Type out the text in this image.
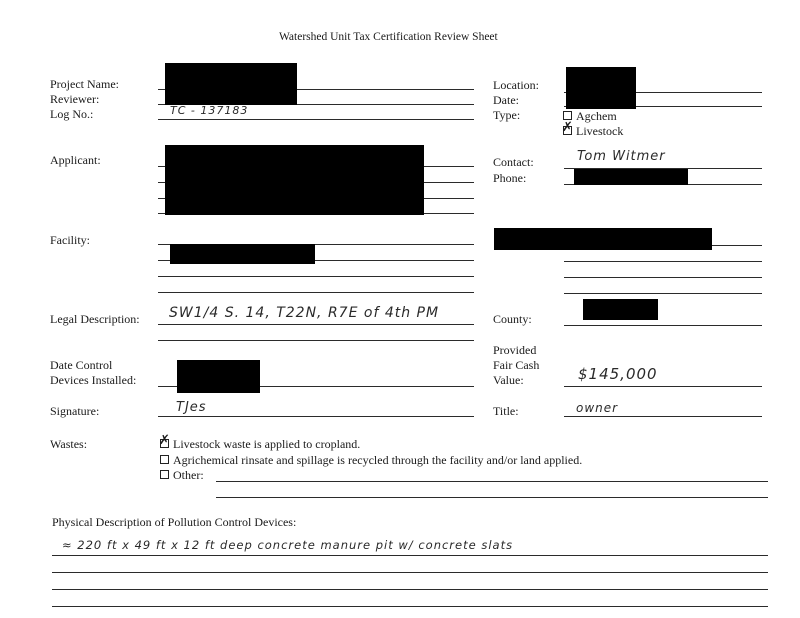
Watershed Unit Tax Certification Review Sheet
Project Name:
Reviewer:
Log No.:
Applicant:
Facility:
Legal Description:
Date Control
Devices Installed:
Signature:
Wastes:
Location:
Date:
Type:
Contact:
Phone:
County:
Provided
Fair Cash
Value:
Title:
Agchem
✗Livestock
TC - 137183
Tom Witmer
SW1/4 S. 14, T22N, R7E of 4th PM
$145,000
TJes	owner
✗Livestock waste is applied to cropland.
Agrichemical rinsate and spillage is recycled through the facility and/or land applied.
Other:
Physical Description of Pollution Control Devices:
≈ 220 ft x 49 ft x 12 ft deep concrete manure pit w/ concrete slats
